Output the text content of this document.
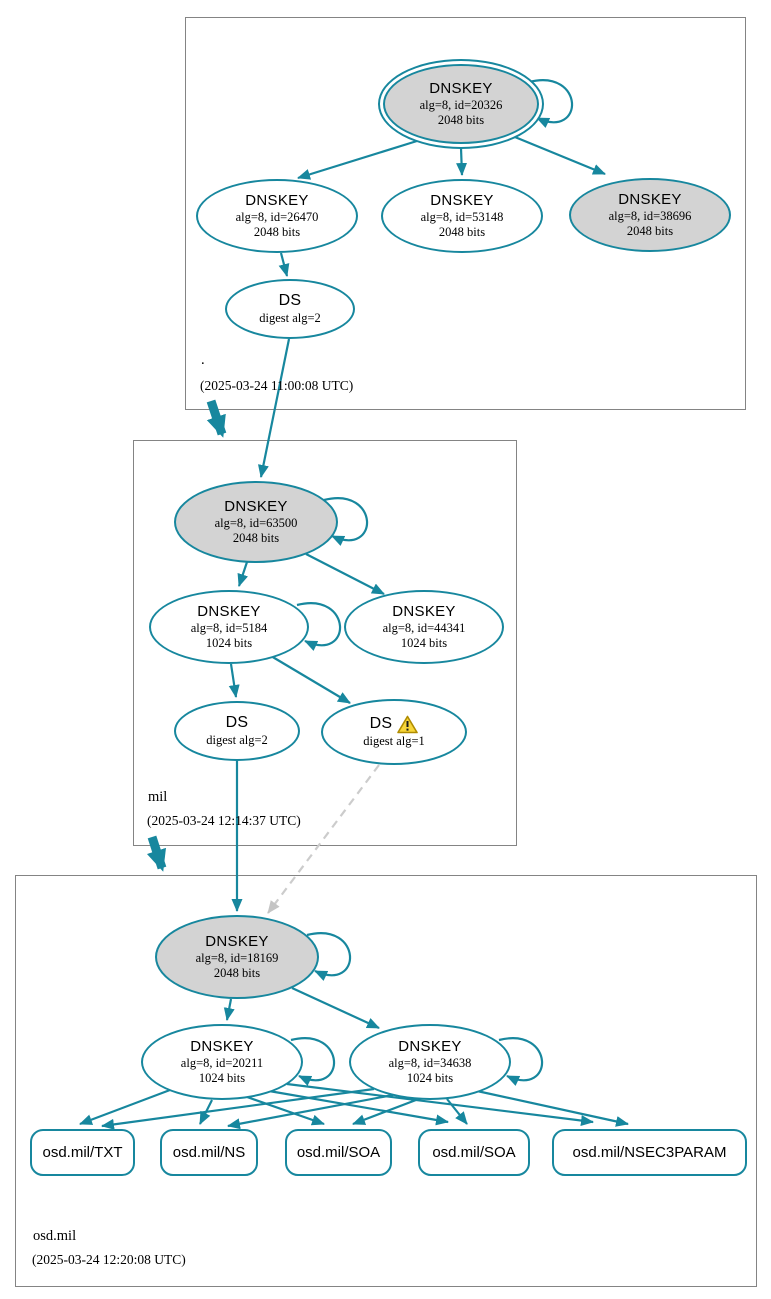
DNSKEY
alg=8, id=20326
2048 bits
DNSKEY
alg=8, id=26470
2048 bits
DNSKEY
alg=8, id=53148
2048 bits
DNSKEY
alg=8, id=38696
2048 bits
DS
digest alg=2
.
(2025-03-24 11:00:08 UTC)
DNSKEY
alg=8, id=63500
2048 bits
DNSKEY
alg=8, id=5184
1024 bits
DNSKEY
alg=8, id=44341
1024 bits
DS
digest alg=2
DS
digest alg=1
mil
(2025-03-24 12:14:37 UTC)
DNSKEY
alg=8, id=18169
2048 bits
DNSKEY
alg=8, id=20211
1024 bits
DNSKEY
alg=8, id=34638
1024 bits
osd.mil/TXT	osd.mil/NS	osd.mil/SOA	osd.mil/SOA	osd.mil/NSEC3PARAM
osd.mil
(2025-03-24 12:20:08 UTC)
